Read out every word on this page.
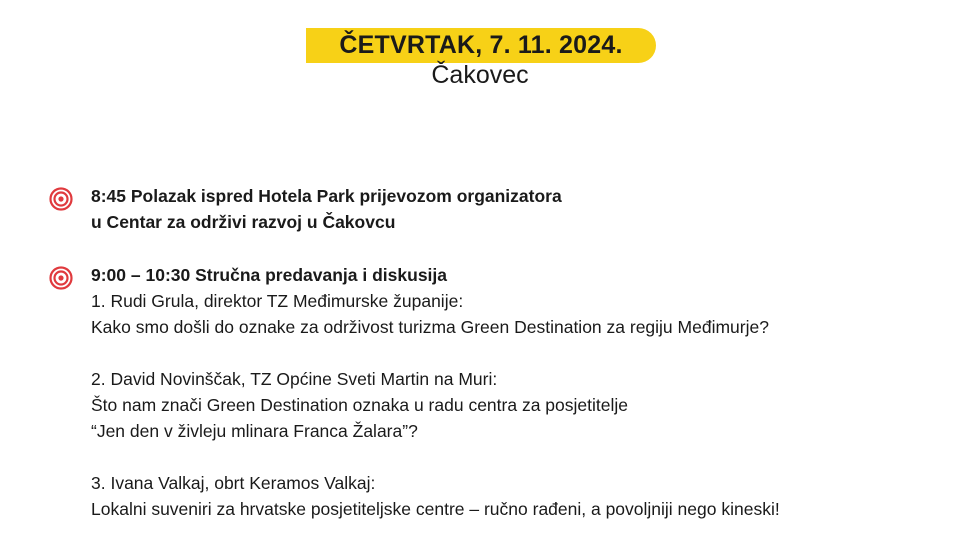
ČETVRTAK, 7. 11. 2024.
Čakovec
8:45 Polazak ispred Hotela Park prijevozom organizatora
u Centar za održivi razvoj u Čakovcu
9:00 – 10:30 Stručna predavanja i diskusija
1. Rudi Grula, direktor TZ Međimurske županije:
Kako smo došli do oznake za održivost turizma Green Destination za regiju Međimurje?
2. David Novinščak, TZ Općine Sveti Martin na Muri:
Što nam znači Green Destination oznaka u radu centra za posjetitelje
“Jen den v živleju mlinara Franca Žalara”?
3. Ivana Valkaj, obrt Keramos Valkaj:
Lokalni suveniri za hrvatske posjetiteljske centre – ručno rađeni, a povoljniji nego kineski!
